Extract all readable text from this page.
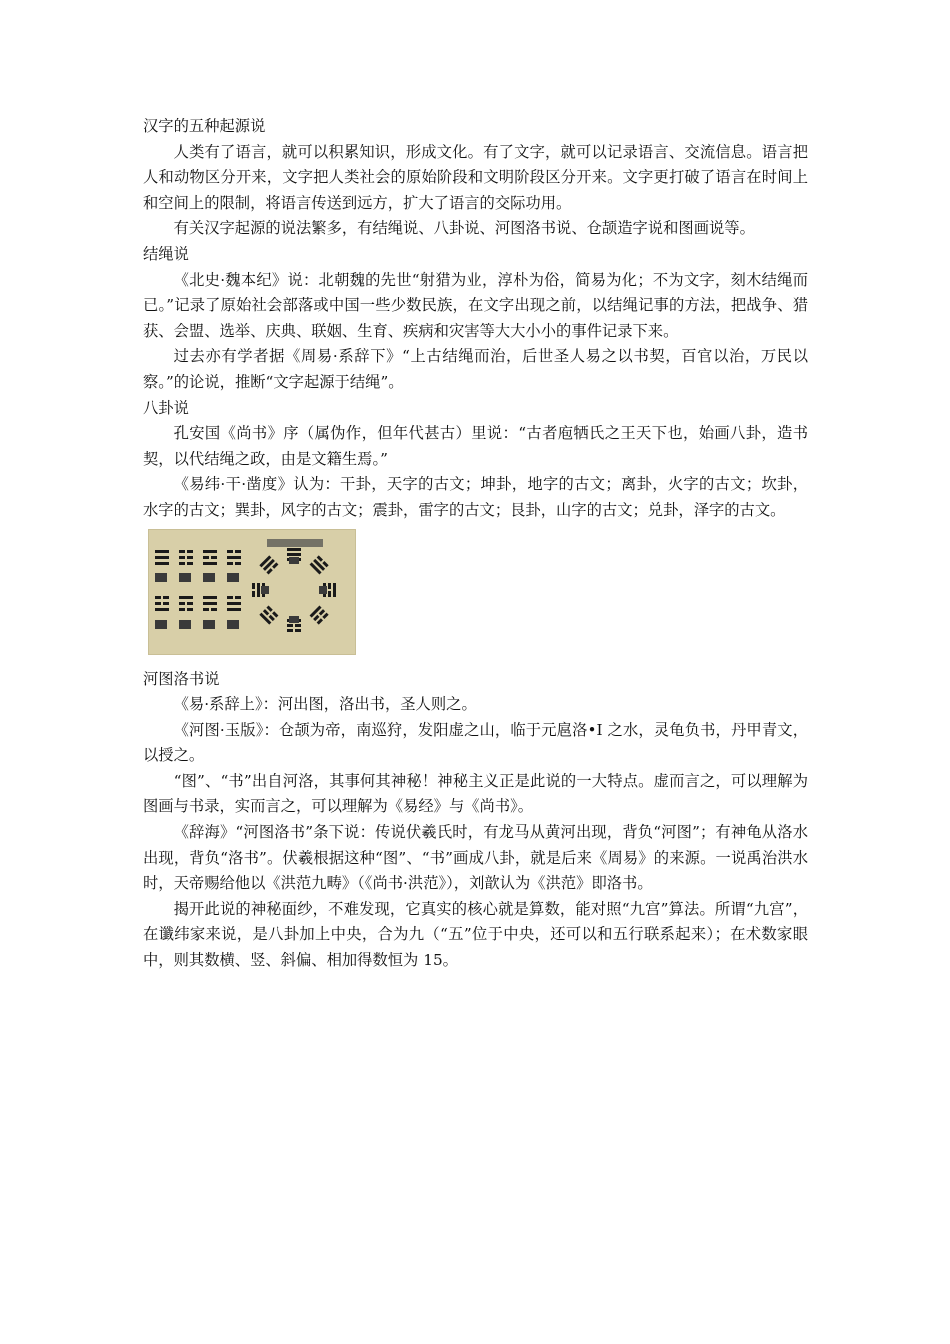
汉字的五种起源说

人类有了语言，就可以积累知识，形成文化。有了文字，就可以记录语言、交流信息。语言把人和动物区分开来，文字把人类社会的原始阶段和文明阶段区分开来。文字更打破了语言在时间上和空间上的限制，将语言传送到远方，扩大了语言的交际功用。

有关汉字起源的说法繁多，有结绳说、八卦说、河图洛书说、仓颉造字说和图画说等。

结绳说

《北史·魏本纪》说：北朝魏的先世“射猎为业，淳朴为俗，简易为化；不为文字，刻木结绳而已。”记录了原始社会部落或中国一些少数民族，在文字出现之前，以结绳记事的方法，把战争、猎获、会盟、选举、庆典、联姻、生育、疾病和灾害等大大小小的事件记录下来。

过去亦有学者据《周易·系辞下》“上古结绳而治，后世圣人易之以书契，百官以治，万民以察。”的论说，推断“文字起源于结绳”。

八卦说

孔安国《尚书》序（属伪作，但年代甚古）里说：“古者庖牺氏之王天下也，始画八卦，造书契，以代结绳之政，由是文籍生焉。”

《易纬·干·凿度》认为：干卦，天字的古文；坤卦，地字的古文；离卦，火字的古文；坎卦，水字的古文；巽卦，风字的古文；震卦，雷字的古文；艮卦，山字的古文；兑卦，泽字的古文。

河图洛书说

《易·系辞上》：河出图，洛出书，圣人则之。

《河图·玉版》：仓颉为帝，南巡狩，发阳虚之山，临于元扈洛•I 之水，灵龟负书，丹甲青文，以授之。

“图”、“书”出自河洛，其事何其神秘！神秘主义正是此说的一大特点。虚而言之，可以理解为图画与书录，实而言之，可以理解为《易经》与《尚书》。

《辞海》“河图洛书”条下说：传说伏羲氏时，有龙马从黄河出现，背负“河图”；有神龟从洛水出现，背负“洛书”。伏羲根据这种“图”、“书”画成八卦，就是后来《周易》的来源。一说禹治洪水时，天帝赐给他以《洪范九畴》（《尚书·洪范》），刘歆认为《洪范》即洛书。

揭开此说的神秘面纱，不难发现，它真实的核心就是算数，能对照“九宫”算法。所谓“九宫”，在谶纬家来说，是八卦加上中央，合为九（“五”位于中央，还可以和五行联系起来）；在术数家眼中，则其数横、竖、斜偏、相加得数恒为 15。
